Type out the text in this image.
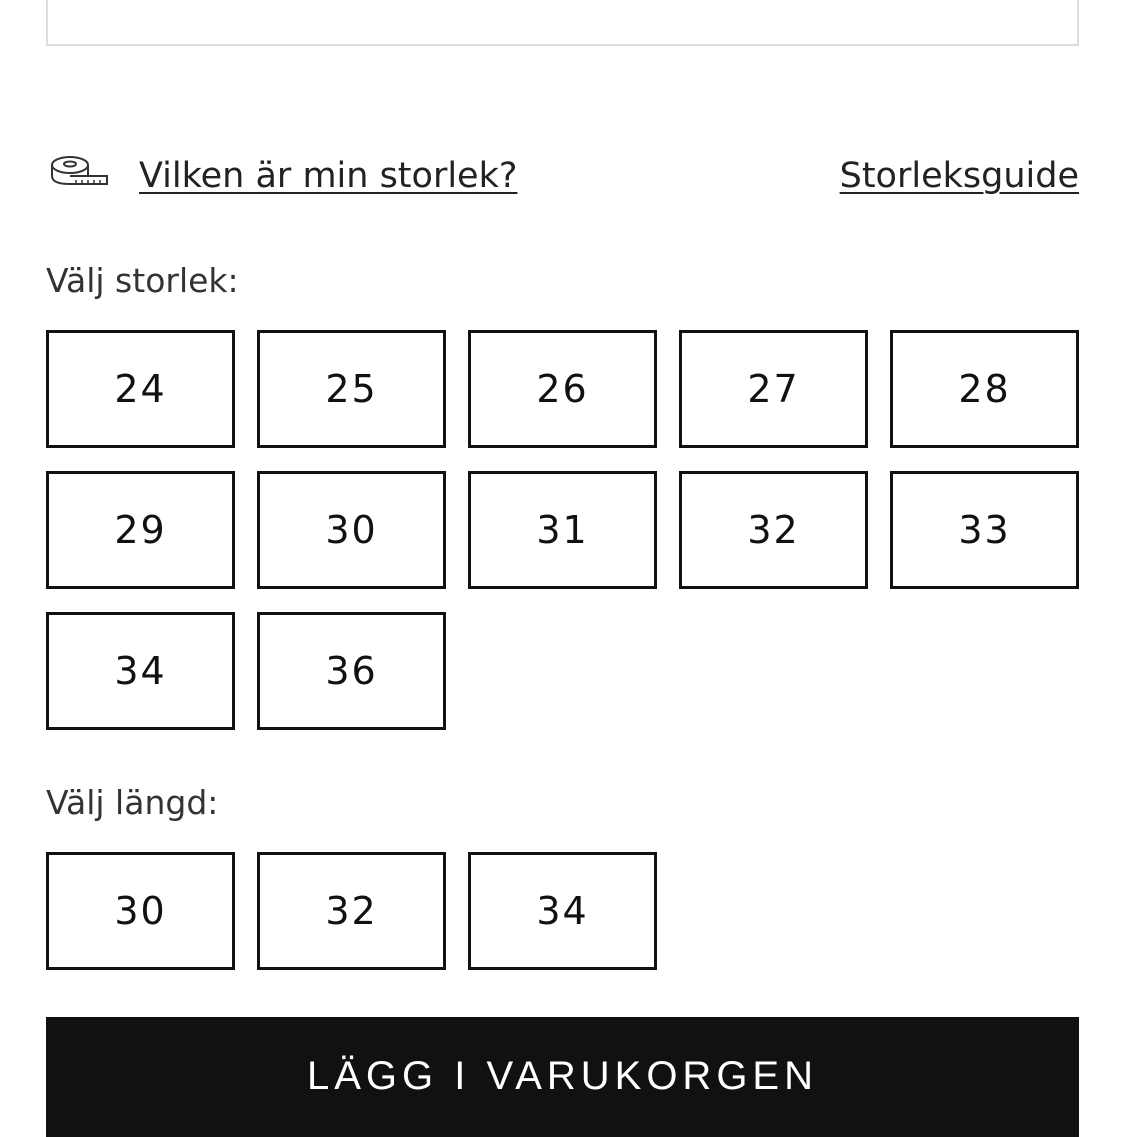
Vilken är min storlek?	Storleksguide
Välj storlek:
24	25	26	27	28
29	30	31	32	33
34	36
Välj längd:
30	32	34
LÄGG I VARUKORGEN
